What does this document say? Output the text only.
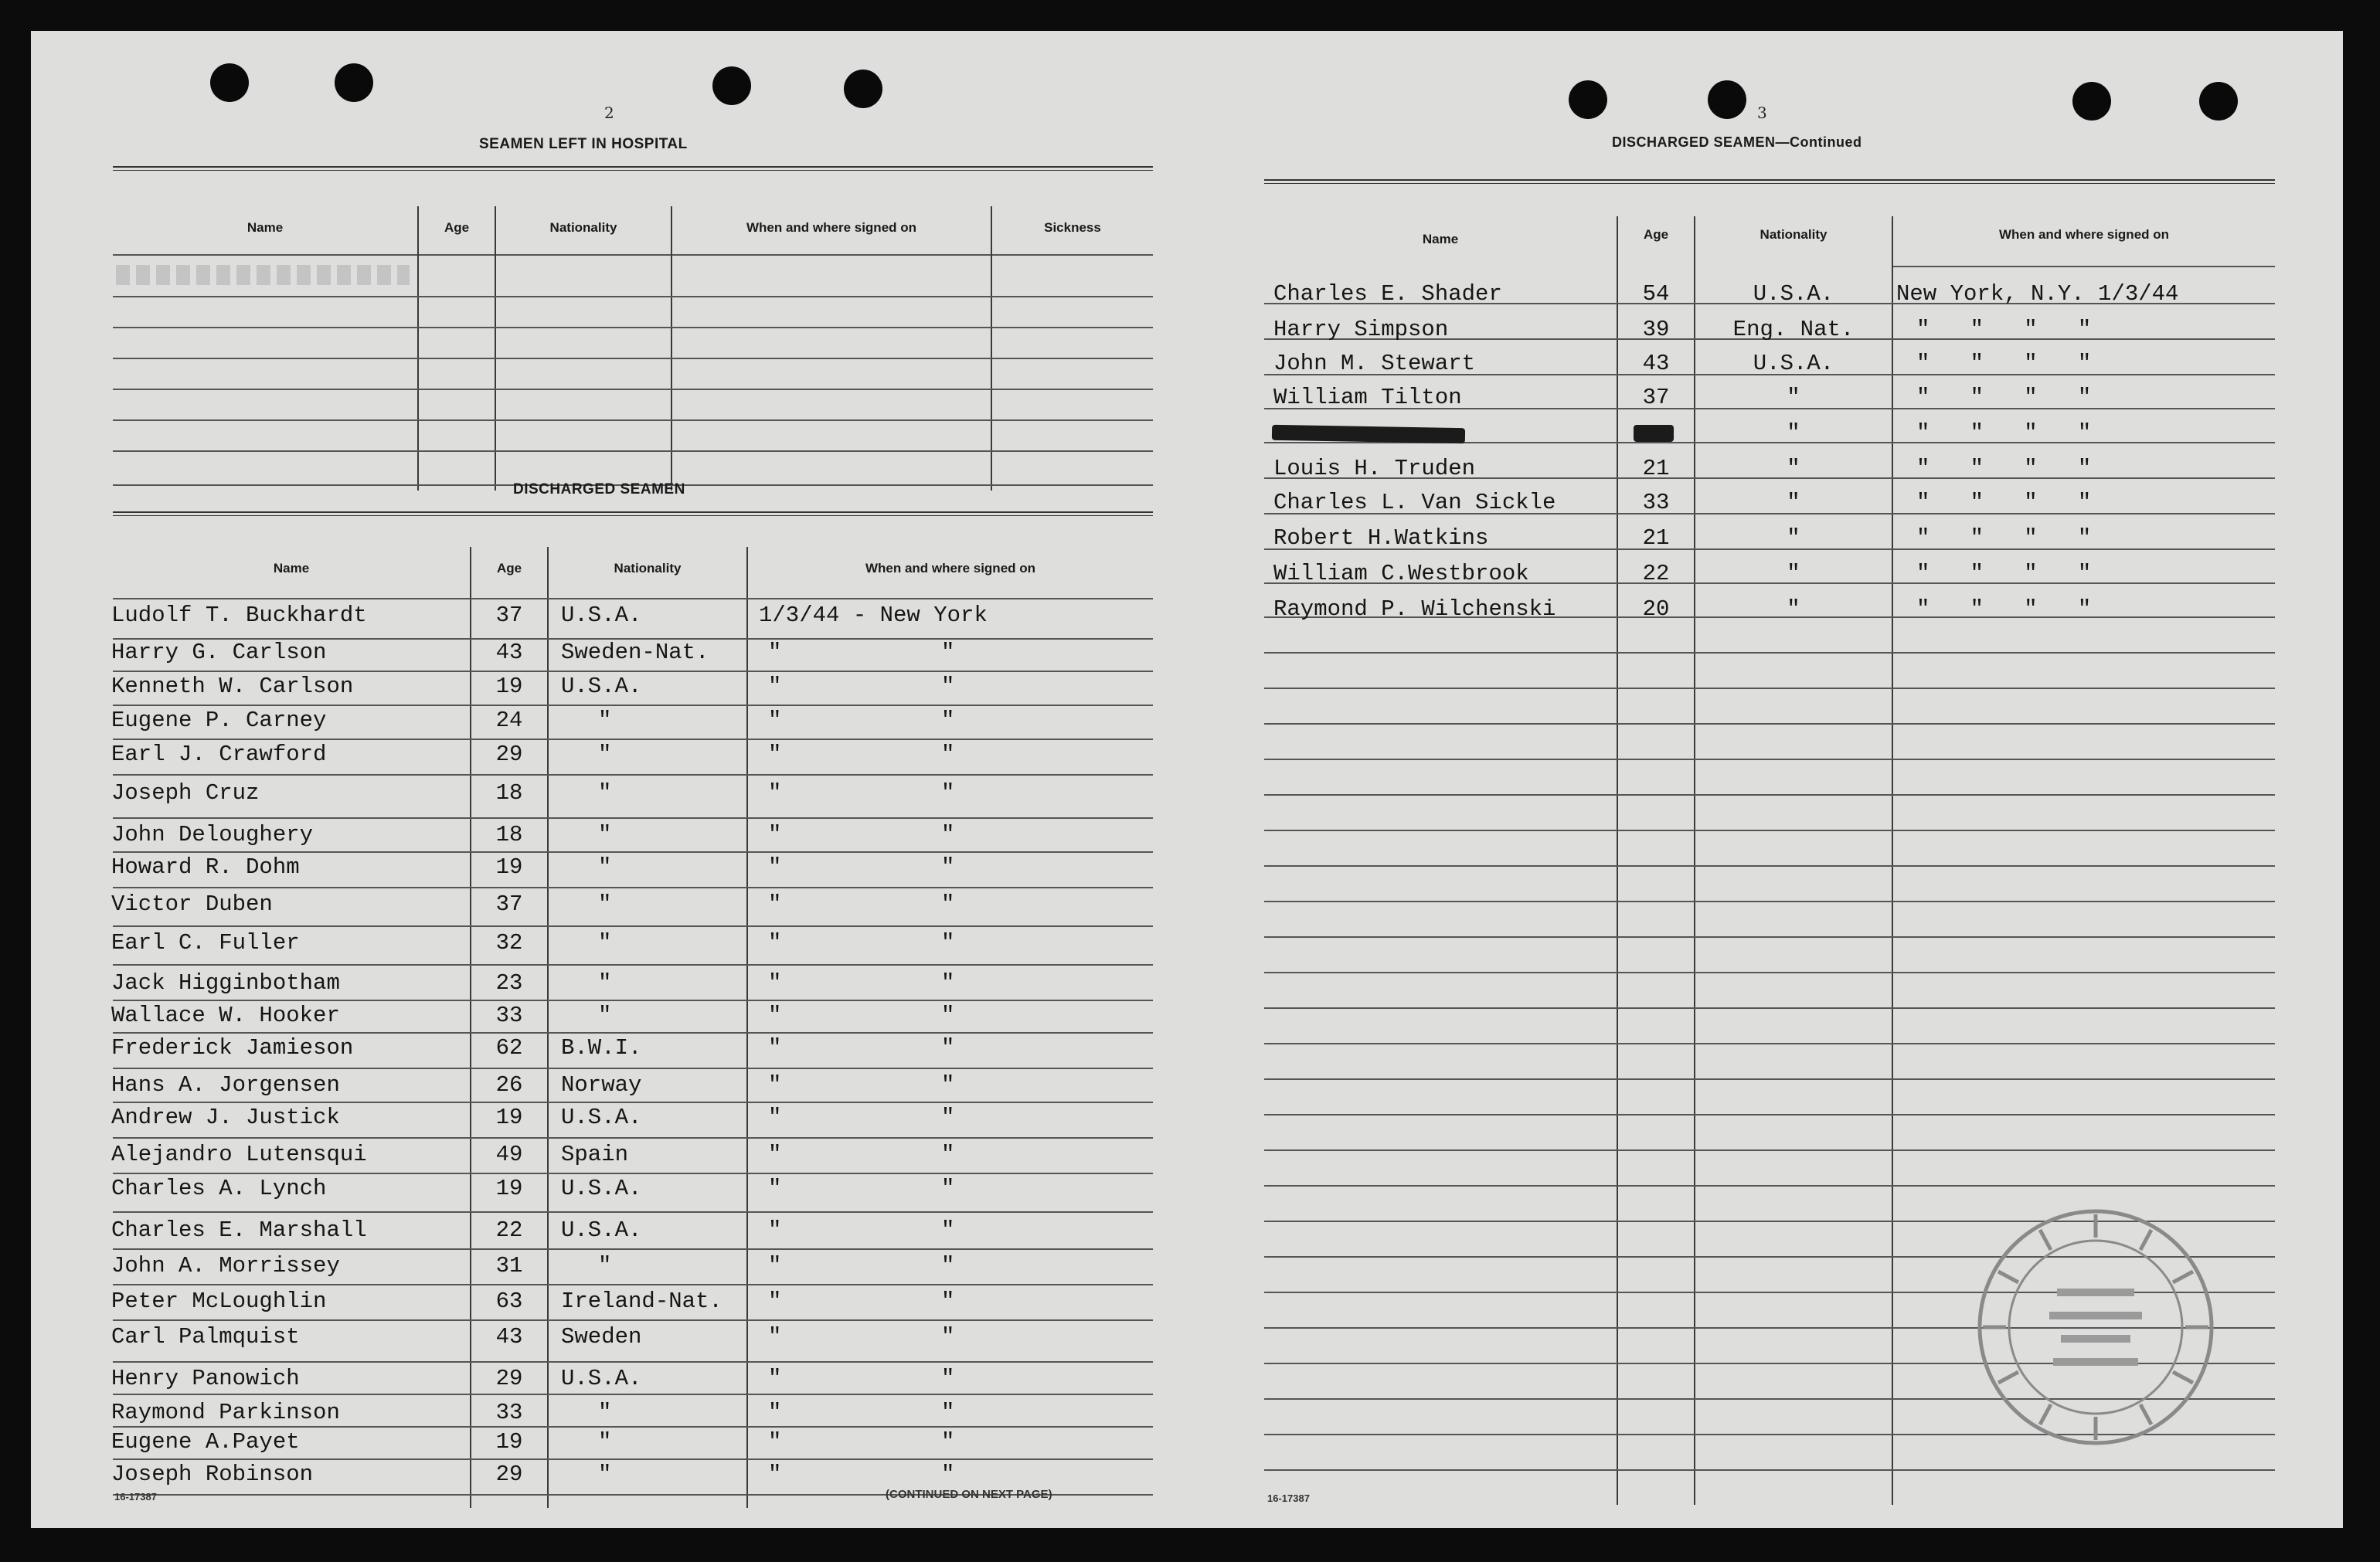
2
SEAMEN LEFT IN HOSPITAL
Name	Age	Nationality	When and where signed on	Sickness
DISCHARGED SEAMEN
Name	Age	Nationality	When and where signed on
Ludolf T. Buckhardt	37	U.S.A.	1/3/44 - New York
Harry G. Carlson	43	Sweden-Nat.	"	"
Kenneth W. Carlson	19	U.S.A.	"	"
Eugene P. Carney	24	"	"	"
Earl J. Crawford	29	"	"	"
Joseph Cruz	18	"	"	"
John Deloughery	18	"	"	"
Howard R. Dohm	19	"	"	"
Victor Duben	37	"	"	"
Earl C. Fuller	32	"	"	"
Jack Higginbotham	23	"	"	"
Wallace W. Hooker	33	"	"	"
Frederick Jamieson	62	B.W.I.	"	"
Hans A. Jorgensen	26	Norway	"	"
Andrew J. Justick	19	U.S.A.	"	"
Alejandro Lutensqui	49	Spain	"	"
Charles A. Lynch	19	U.S.A.	"	"
Charles E. Marshall	22	U.S.A.	"	"
John A. Morrissey	31	"	"	"
Peter McLoughlin	63	Ireland-Nat.	"	"
Carl Palmquist	43	Sweden	"	"
Henry Panowich	29	U.S.A.	"	"
Raymond Parkinson	33	"	"	"
Eugene A.Payet	19	"	"	"
Joseph Robinson	29	"	"	"
16-17387	(CONTINUED ON NEXT PAGE)
3
DISCHARGED SEAMEN—Continued
Name	Age	Nationality	When and where signed on
Charles E. Shader	54	U.S.A.	New York, N.Y. 1/3/44
Harry Simpson	39	Eng. Nat.	"   "   "   "
John M. Stewart	43	U.S.A.	"   "   "   "
William Tilton	37	"	"   "   "   "
"	"   "   "   "
Louis H. Truden	21	"	"   "   "   "
Charles L. Van Sickle	33	"	"   "   "   "
Robert H.Watkins	21	"	"   "   "   "
William C.Westbrook	22	"	"   "   "   "
Raymond P. Wilchenski	20	"	"   "   "   "
16-17387
